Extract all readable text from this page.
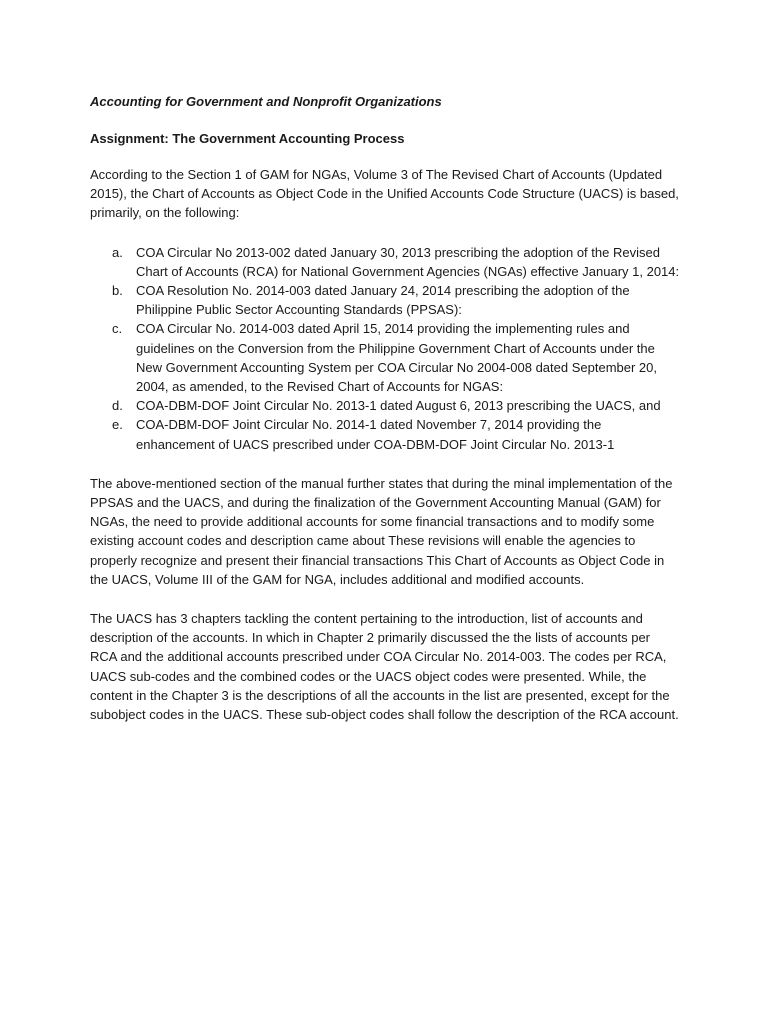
Accounting for Government and Nonprofit Organizations
Assignment: The Government Accounting Process

According to the Section 1 of GAM for NGAs, Volume 3 of The Revised Chart of Accounts (Updated 2015), the Chart of Accounts as Object Code in the Unified Accounts Code Structure (UACS) is based, primarily, on the following:

a. COA Circular No 2013-002 dated January 30, 2013 prescribing the adoption of the Revised Chart of Accounts (RCA) for National Government Agencies (NGAs) effective January 1, 2014:
b. COA Resolution No. 2014-003 dated January 24, 2014 prescribing the adoption of the Philippine Public Sector Accounting Standards (PPSAS):
c. COA Circular No. 2014-003 dated April 15, 2014 providing the implementing rules and guidelines on the Conversion from the Philippine Government Chart of Accounts under the New Government Accounting System per COA Circular No 2004-008 dated September 20, 2004, as amended, to the Revised Chart of Accounts for NGAS:
d. COA-DBM-DOF Joint Circular No. 2013-1 dated August 6, 2013 prescribing the UACS, and
e. COA-DBM-DOF Joint Circular No. 2014-1 dated November 7, 2014 providing the enhancement of UACS prescribed under COA-DBM-DOF Joint Circular No. 2013-1

The above-mentioned section of the manual further states that during the minal implementation of the PPSAS and the UACS, and during the finalization of the Government Accounting Manual (GAM) for NGAs, the need to provide additional accounts for some financial transactions and to modify some existing account codes and description came about These revisions will enable the agencies to properly recognize and present their financial transactions This Chart of Accounts as Object Code in the UACS, Volume III of the GAM for NGA, includes additional and modified accounts.

The UACS has 3 chapters tackling the content pertaining to the introduction, list of accounts and description of the accounts. In which in Chapter 2 primarily discussed the the lists of accounts per RCA and the additional accounts prescribed under COA Circular No. 2014-003. The codes per RCA, UACS sub-codes and the combined codes or the UACS object codes were presented. While, the content in the Chapter 3 is the descriptions of all the accounts in the list are presented, except for the subobject codes in the UACS. These sub-object codes shall follow the description of the RCA account.
